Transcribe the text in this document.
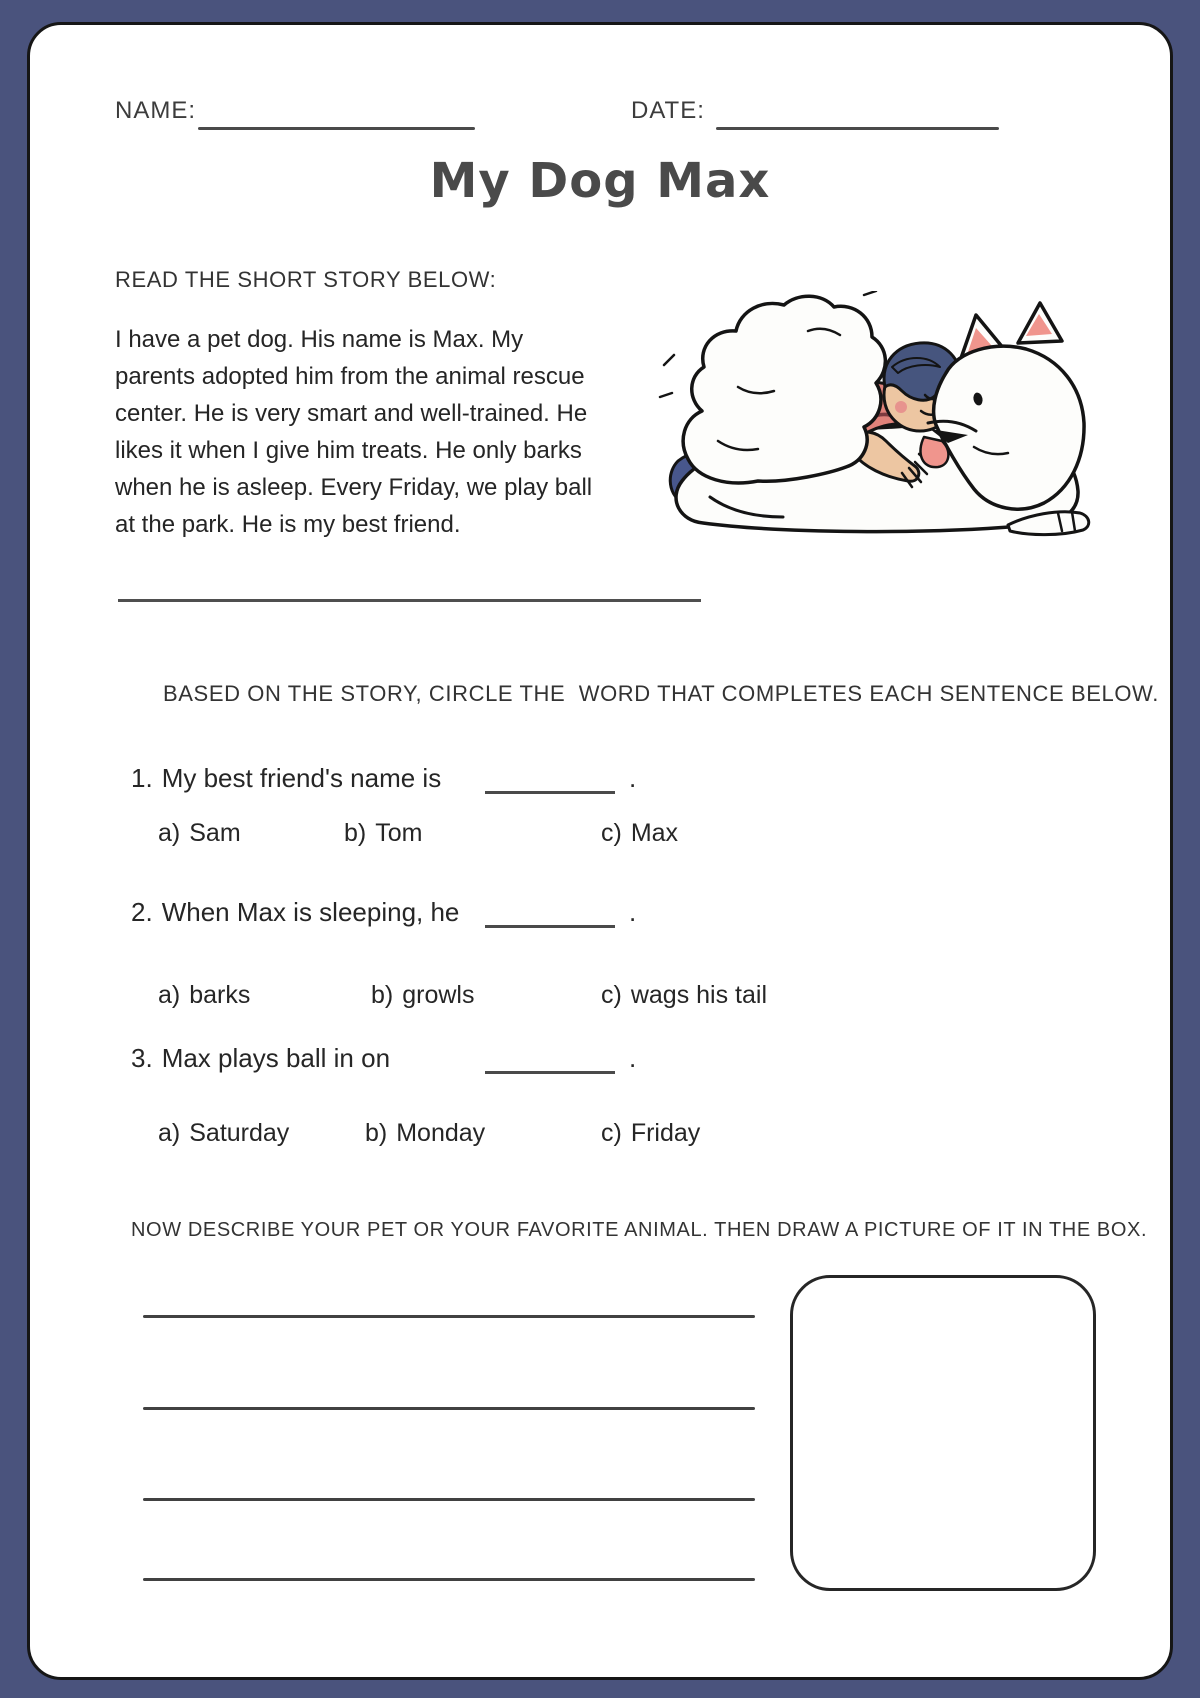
NAME:	DATE:
My Dog Max
READ THE SHORT STORY BELOW:
I have a pet dog. His name is Max. My
parents adopted him from the animal rescue
center. He is very smart and well-trained. He
likes it when I give him treats. He only barks
when he is asleep. Every Friday, we play ball
at the park. He is my best friend.
BASED ON THE STORY, CIRCLE THE  WORD THAT COMPLETES EACH SENTENCE BELOW.
1. My best friend's name is	.
a) Sam	b) Tom	c) Max
2. When Max is sleeping, he	.
a) barks	b) growls	c) wags his tail
3. Max plays ball in on	.
a) Saturday	b) Monday	c) Friday
NOW DESCRIBE YOUR PET OR YOUR FAVORITE ANIMAL. THEN DRAW A PICTURE OF IT IN THE BOX.
